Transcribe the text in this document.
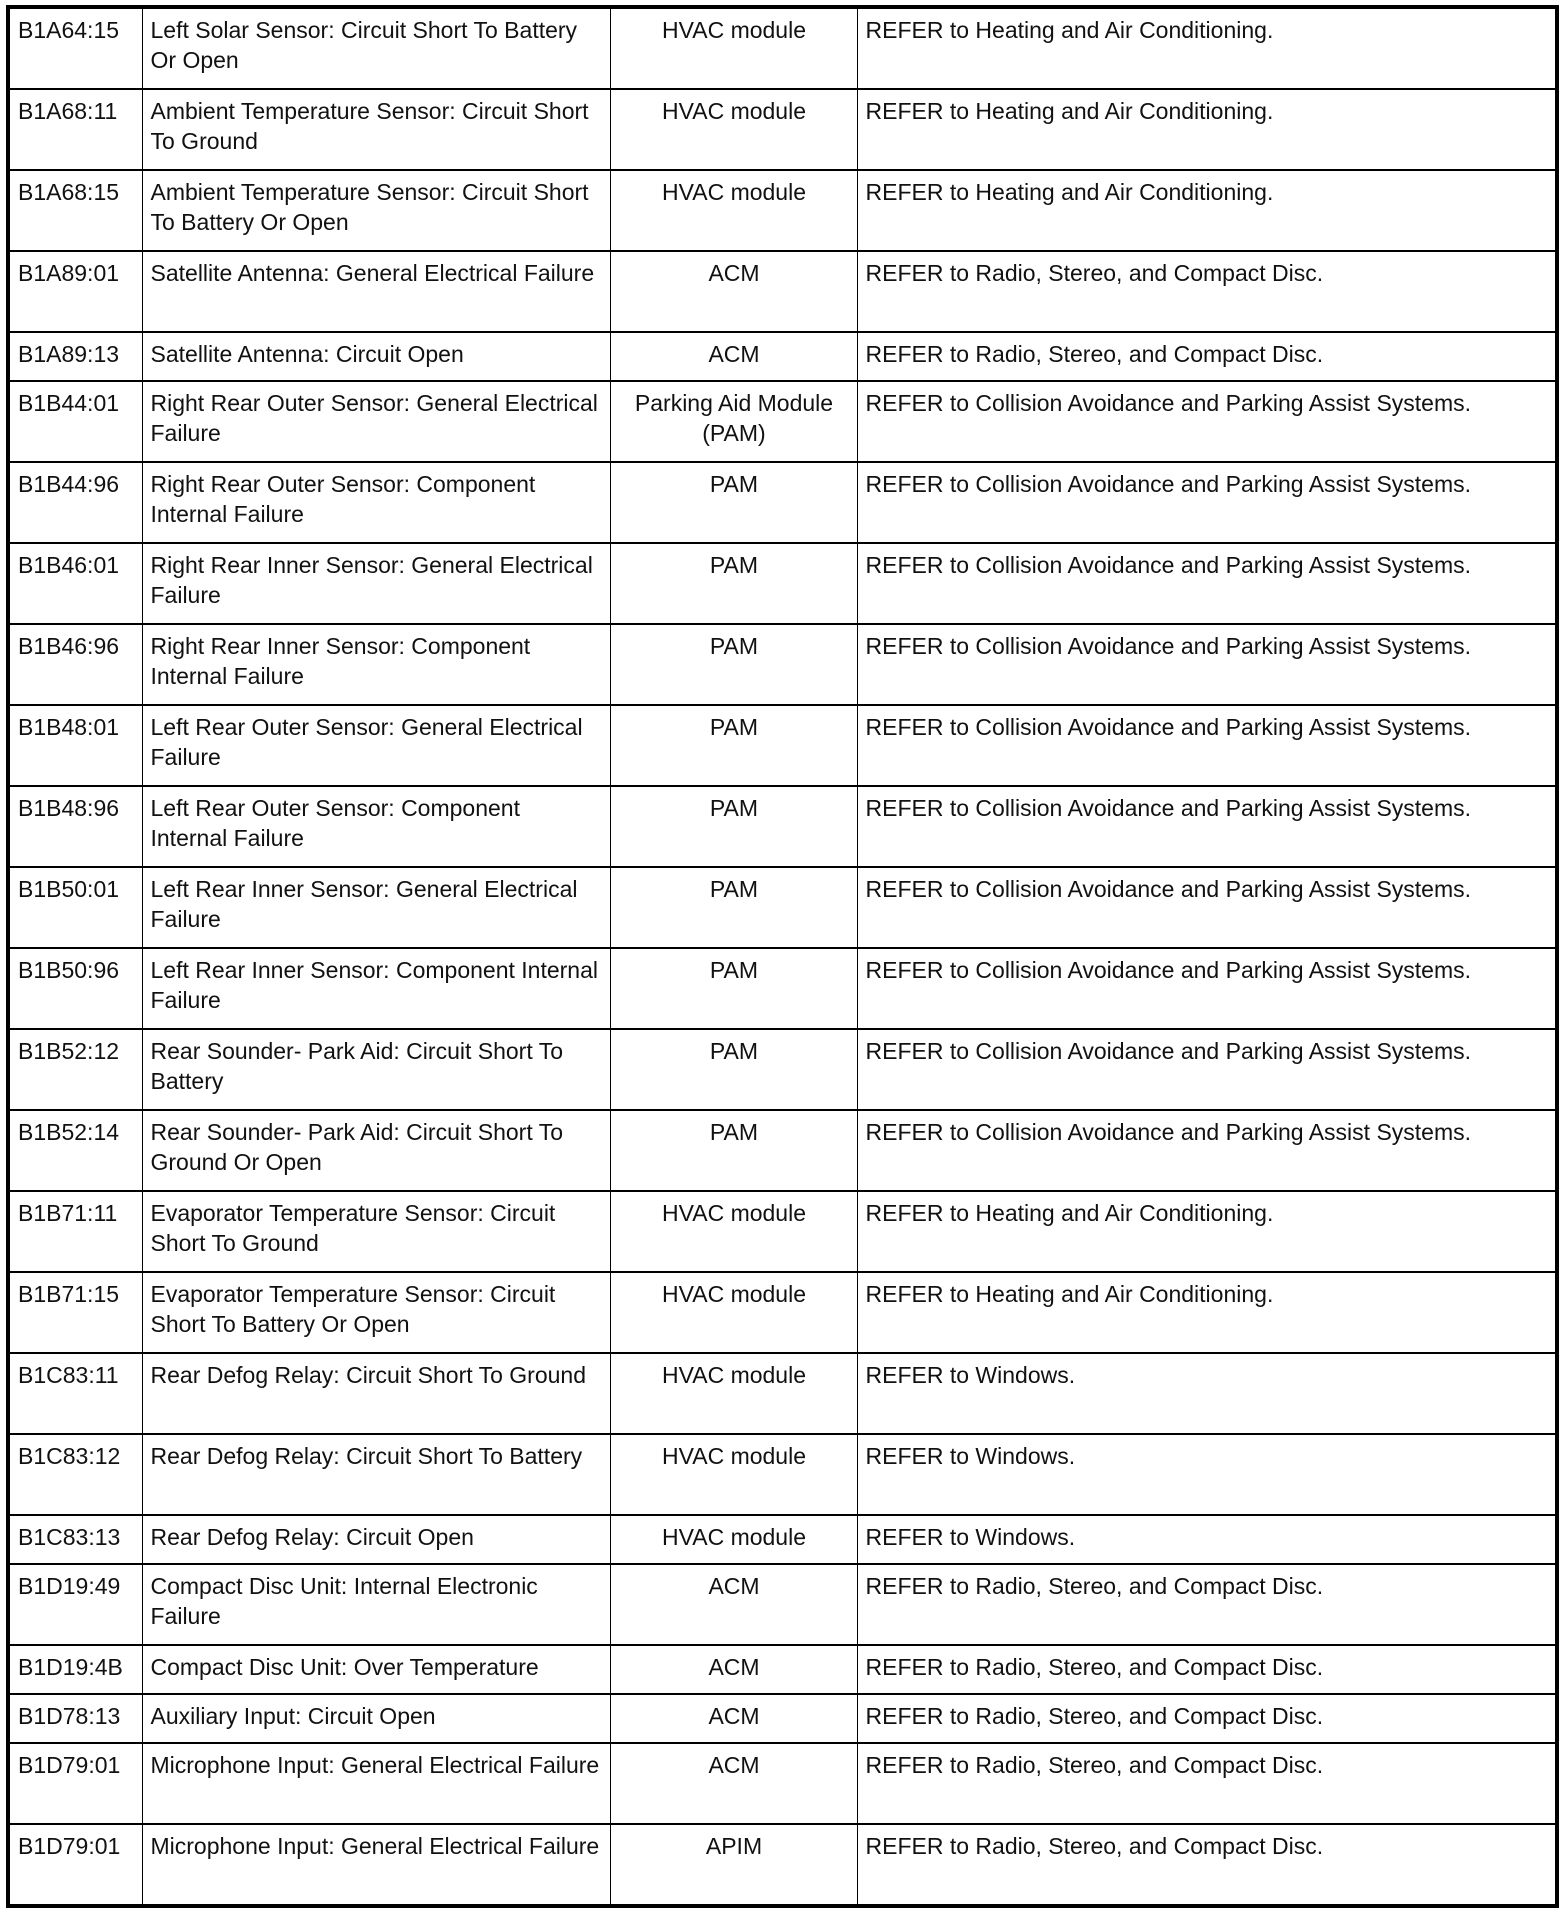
B1A64:15	Left Solar Sensor: Circuit Short To Battery Or Open	HVAC module	REFER to Heating and Air Conditioning.
B1A68:11	Ambient Temperature Sensor: Circuit Short To Ground	HVAC module	REFER to Heating and Air Conditioning.
B1A68:15	Ambient Temperature Sensor: Circuit Short To Battery Or Open	HVAC module	REFER to Heating and Air Conditioning.
B1A89:01	Satellite Antenna: General Electrical Failure	ACM	REFER to Radio, Stereo, and Compact Disc.
B1A89:13	Satellite Antenna: Circuit Open	ACM	REFER to Radio, Stereo, and Compact Disc.
B1B44:01	Right Rear Outer Sensor: General Electrical Failure	Parking Aid Module (PAM)	REFER to Collision Avoidance and Parking Assist Systems.
B1B44:96	Right Rear Outer Sensor: Component Internal Failure	PAM	REFER to Collision Avoidance and Parking Assist Systems.
B1B46:01	Right Rear Inner Sensor: General Electrical Failure	PAM	REFER to Collision Avoidance and Parking Assist Systems.
B1B46:96	Right Rear Inner Sensor: Component Internal Failure	PAM	REFER to Collision Avoidance and Parking Assist Systems.
B1B48:01	Left Rear Outer Sensor: General Electrical Failure	PAM	REFER to Collision Avoidance and Parking Assist Systems.
B1B48:96	Left Rear Outer Sensor: Component Internal Failure	PAM	REFER to Collision Avoidance and Parking Assist Systems.
B1B50:01	Left Rear Inner Sensor: General Electrical Failure	PAM	REFER to Collision Avoidance and Parking Assist Systems.
B1B50:96	Left Rear Inner Sensor: Component Internal Failure	PAM	REFER to Collision Avoidance and Parking Assist Systems.
B1B52:12	Rear Sounder- Park Aid: Circuit Short To Battery	PAM	REFER to Collision Avoidance and Parking Assist Systems.
B1B52:14	Rear Sounder- Park Aid: Circuit Short To Ground Or Open	PAM	REFER to Collision Avoidance and Parking Assist Systems.
B1B71:11	Evaporator Temperature Sensor: Circuit Short To Ground	HVAC module	REFER to Heating and Air Conditioning.
B1B71:15	Evaporator Temperature Sensor: Circuit Short To Battery Or Open	HVAC module	REFER to Heating and Air Conditioning.
B1C83:11	Rear Defog Relay: Circuit Short To Ground	HVAC module	REFER to Windows.
B1C83:12	Rear Defog Relay: Circuit Short To Battery	HVAC module	REFER to Windows.
B1C83:13	Rear Defog Relay: Circuit Open	HVAC module	REFER to Windows.
B1D19:49	Compact Disc Unit: Internal Electronic Failure	ACM	REFER to Radio, Stereo, and Compact Disc.
B1D19:4B	Compact Disc Unit: Over Temperature	ACM	REFER to Radio, Stereo, and Compact Disc.
B1D78:13	Auxiliary Input: Circuit Open	ACM	REFER to Radio, Stereo, and Compact Disc.
B1D79:01	Microphone Input: General Electrical Failure	ACM	REFER to Radio, Stereo, and Compact Disc.
B1D79:01	Microphone Input: General Electrical Failure	APIM	REFER to Radio, Stereo, and Compact Disc.
